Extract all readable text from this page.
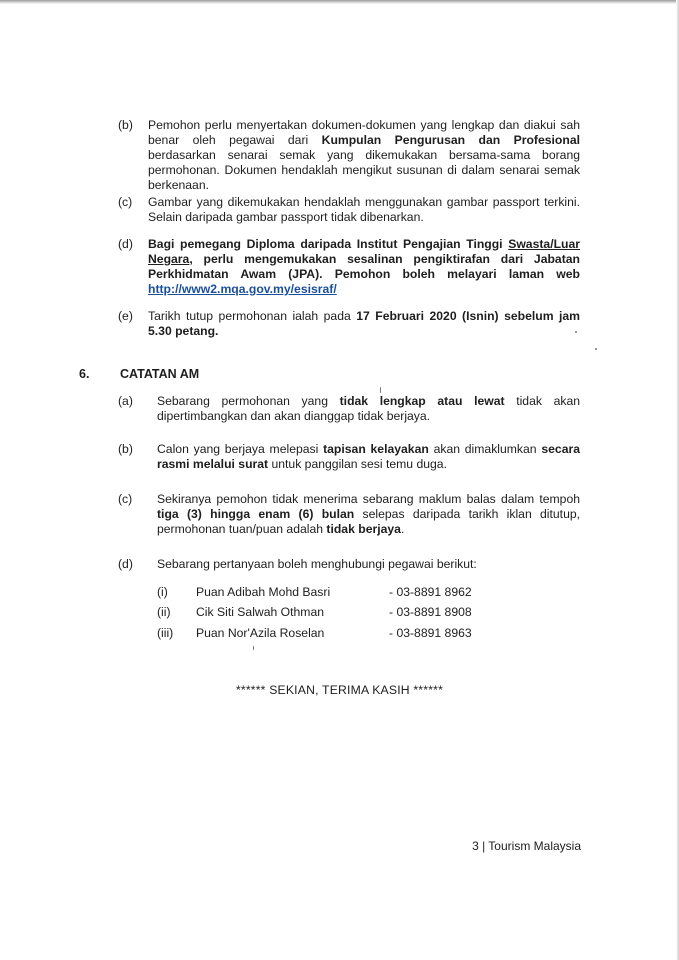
(b) Pemohon perlu menyertakan dokumen-dokumen yang lengkap dan diakui sah benar oleh pegawai dari Kumpulan Pengurusan dan Profesional berdasarkan senarai semak yang dikemukakan bersama-sama borang permohonan. Dokumen hendaklah mengikut susunan di dalam senarai semak berkenaan.
(c) Gambar yang dikemukakan hendaklah menggunakan gambar passport terkini. Selain daripada gambar passport tidak dibenarkan.
(d) Bagi pemegang Diploma daripada Institut Pengajian Tinggi Swasta/Luar Negara, perlu mengemukakan sesalinan pengiktirafan dari Jabatan Perkhidmatan Awam (JPA). Pemohon boleh melayari laman web http://www2.mqa.gov.my/esisraf/
(e) Tarikh tutup permohonan ialah pada 17 Februari 2020 (Isnin) sebelum jam 5.30 petang.
6. CATATAN AM
(a) Sebarang permohonan yang tidak lengkap atau lewat tidak akan dipertimbangkan dan akan dianggap tidak berjaya.
(b) Calon yang berjaya melepasi tapisan kelayakan akan dimaklumkan secara rasmi melalui surat untuk panggilan sesi temu duga.
(c) Sekiranya pemohon tidak menerima sebarang maklum balas dalam tempoh tiga (3) hingga enam (6) bulan selepas daripada tarikh iklan ditutup, permohonan tuan/puan adalah tidak berjaya.
(d) Sebarang pertanyaan boleh menghubungi pegawai berikut:
(i) Puan Adibah Mohd Basri	- 03-8891 8962
(ii) Cik Siti Salwah Othman	- 03-8891 8908
(iii) Puan Nor'Azila Roselan	- 03-8891 8963
****** SEKIAN, TERIMA KASIH ******
3 | Tourism Malaysia
